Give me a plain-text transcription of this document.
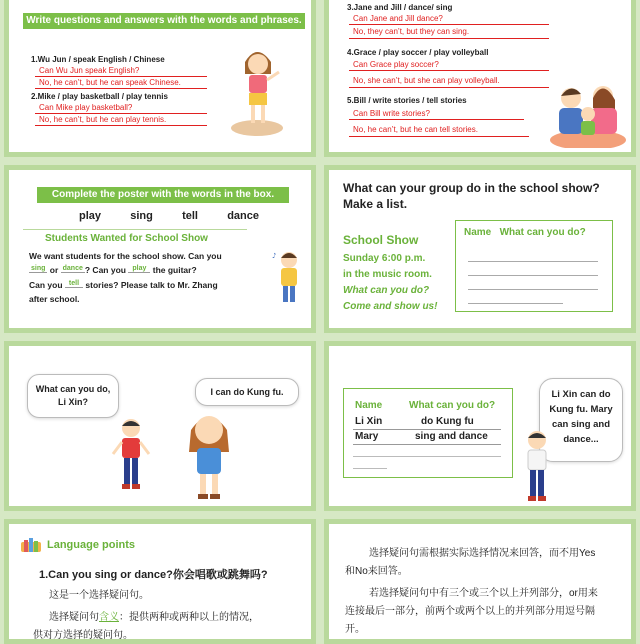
Write questions and answers with the words and phrases.
1.Wu Jun / speak English / Chinese
Can Wu Jun speak English?
No, he can’t, but he can speak Chinese.
2.Mike / play basketball / play tennis
Can Mike play basketball?
No, he can’t, but he can play tennis.
3.Jane and Jill / dance/ sing
Can Jane and Jill dance?
No, they can’t, but they can sing.
4.Grace / play soccer / play volleyball
Can Grace play soccer?
No, she can’t, but she can play volleyball.
5.Bill / write stories / tell stories
Can Bill write stories?
No, he can’t, but he can tell stories.
Complete the poster with the words in the box.
play	sing	tell	dance
Students Wanted for School Show
We want students for the school show. Can you
$^{sing}$ or $^{dance}$ ? Can you $^{play}$ the guitar?
Can you $^{tell}$ stories? Please talk to Mr. Zhang
after school.
♪
What can your group do in the school show?
Make a list.
School Show
Sunday 6:00 p.m.
in the music room.
What can you do?
Come and show us!
Name   What can you do?
What can you do,
Li Xin?
I can do Kung fu.
Name	What can you do?
Li Xin	do Kung fu
Mary	sing and dance
Li Xin can do
Kung fu. Mary
can sing and
dance...
Language points
1.Can you sing or dance?你会唱歌或跳舞吗?
这是一个选择疑问句。
选择疑问句含义：提供两种或两种以上的情况，
供对方选择的疑问句。
选择疑问句需根据实际选择情况来回答，而不用Yes
和No来回答。
若选择疑问句中有三个或三个以上并列部分，or用来
连接最后一部分，前两个或两个以上的并列部分用逗号隔
开。
